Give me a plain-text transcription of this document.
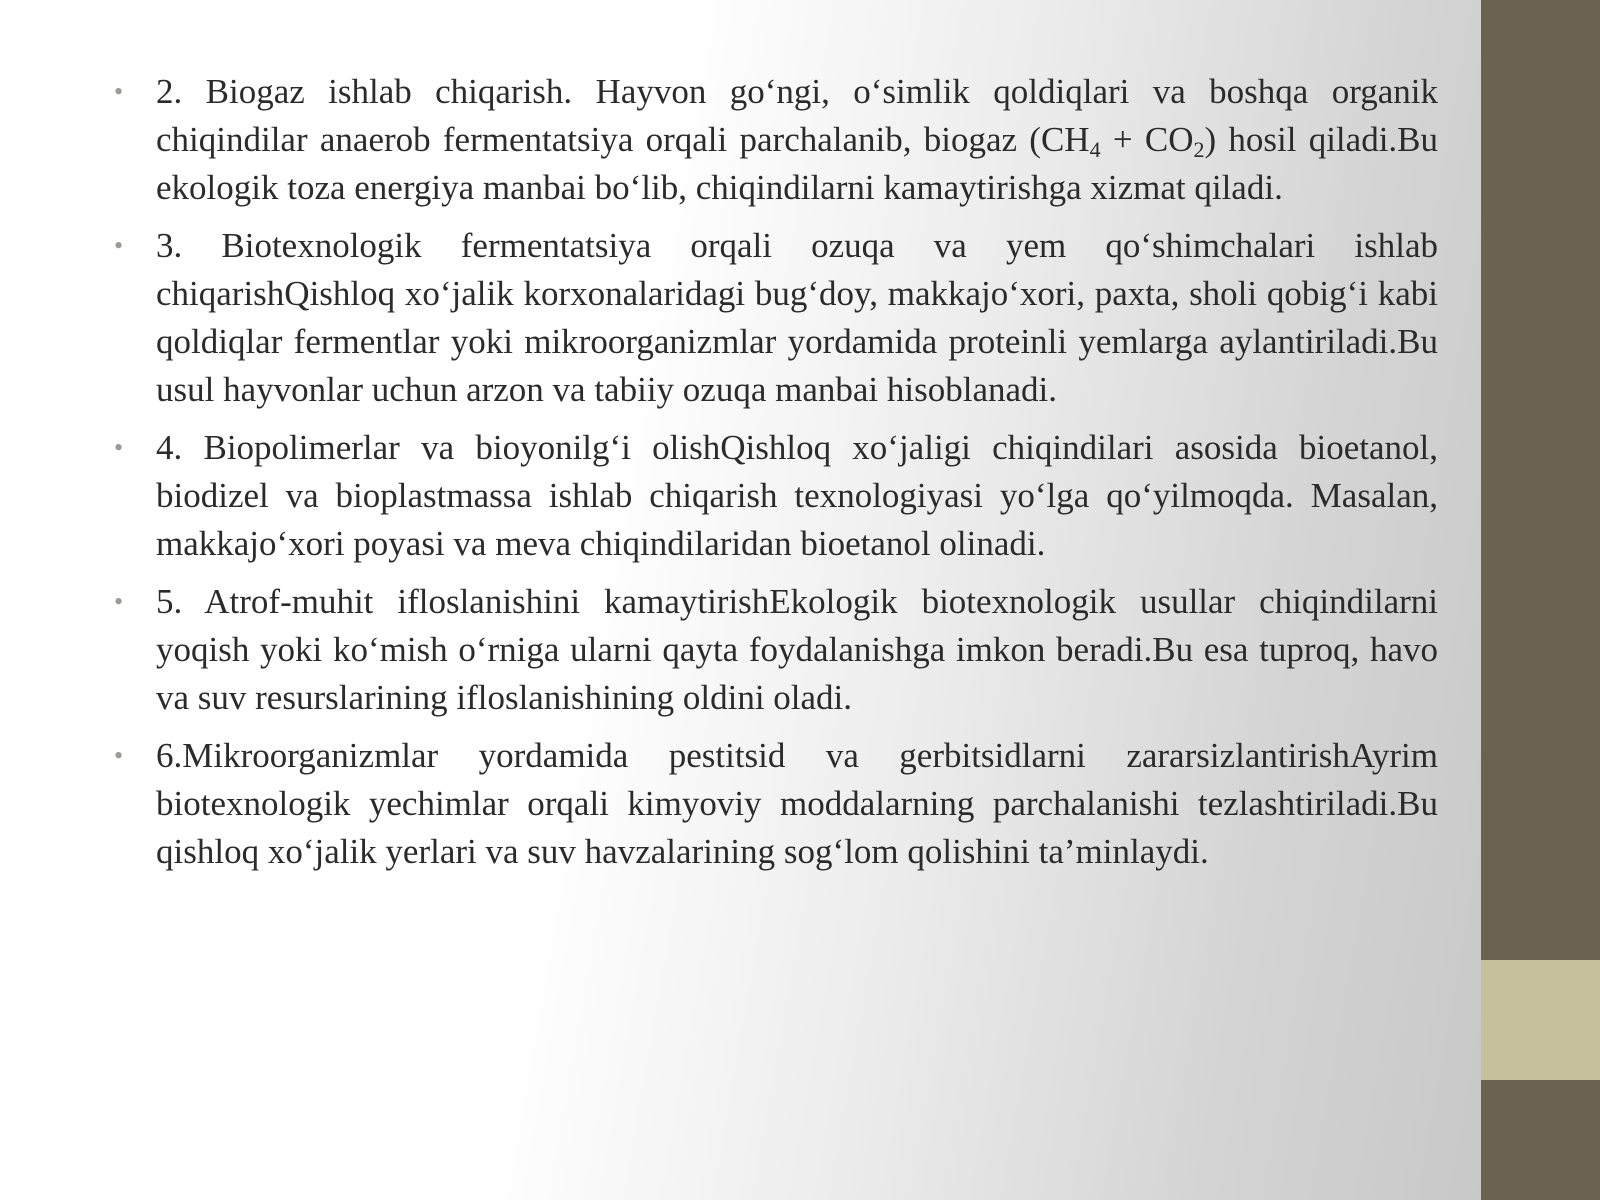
• 2. Biogaz ishlab chiqarish. Hayvon go‘ngi, o‘simlik qoldiqlari va boshqa organik chiqindilar anaerob fermentatsiya orqali parchalanib, biogaz $(CH_4 + CO_2)$ hosil qiladi.Bu ekologik toza energiya manbai bo‘lib, chiqindilarni kamaytirishga xizmat qiladi.
• 3. Biotexnologik fermentatsiya orqali ozuqa va yem qo‘shimchalari ishlab chiqarishQishloq xo‘jalik korxonalaridagi bug‘doy, makkajo‘xori, paxta, sholi qobig‘i kabi qoldiqlar fermentlar yoki mikroorganizmlar yordamida proteinli yemlarga aylantiriladi.Bu usul hayvonlar uchun arzon va tabiiy ozuqa manbai hisoblanadi.
• 4. Biopolimerlar va bioyonilg‘i olishQishloq xo‘jaligi chiqindilari asosida bioetanol, biodizel va bioplastmassa ishlab chiqarish texnologiyasi yo‘lga qo‘yilmoqda. Masalan, makkajo‘xori poyasi va meva chiqindilaridan bioetanol olinadi.
• 5. Atrof-muhit ifloslanishini kamaytirishEkologik biotexnologik usullar chiqindilarni yoqish yoki ko‘mish o‘rniga ularni qayta foydalanishga imkon beradi.Bu esa tuproq, havo va suv resurslarining ifloslanishining oldini oladi.
• 6.Mikroorganizmlar yordamida pestitsid va gerbitsidlarni zararsizlantirishAyrim biotexnologik yechimlar orqali kimyoviy moddalarning parchalanishi tezlashtiriladi.Bu qishloq xo‘jalik yerlari va suv havzalarining sog‘lom qolishini ta’minlaydi.
